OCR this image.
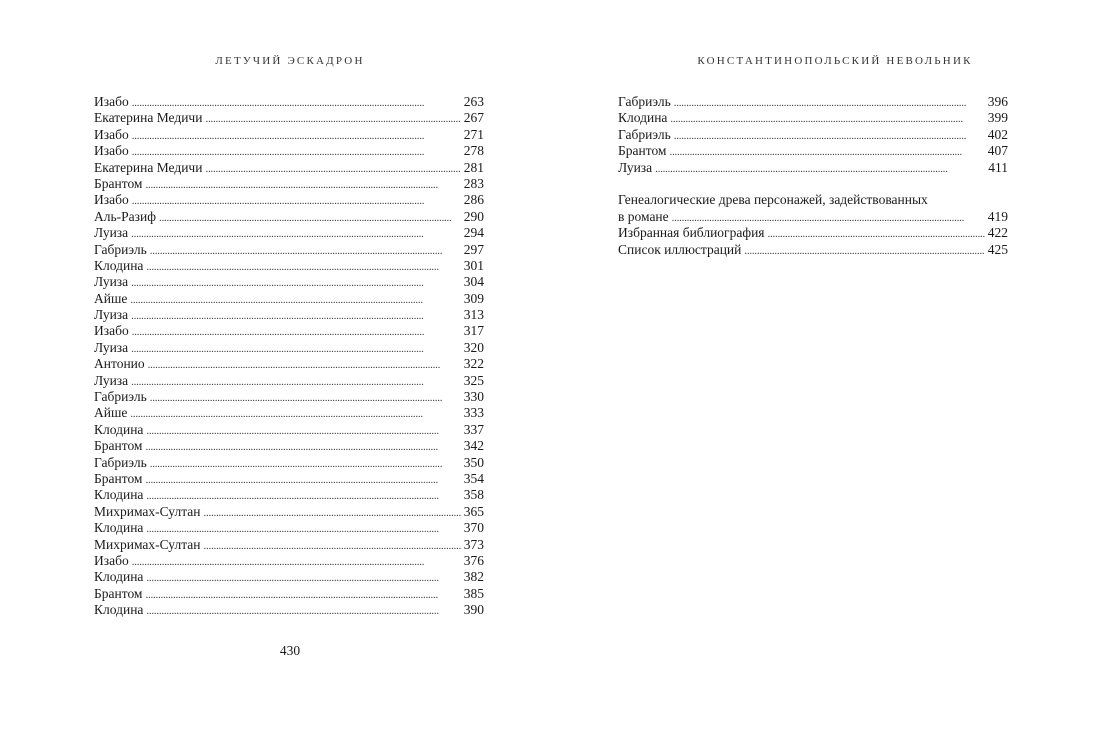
ЛЕТУЧИЙ ЭСКАДРОН
Изабо . . .	263
Екатерина Медичи . . .	267
Изабо . . .	271
Изабо . . .	278
Екатерина Медичи . . .	281
Брантом . . .	283
Изабо . . .	286
Аль-Разиф . . .	290
Луиза . . .	294
Габриэль . . .	297
Клодина . . .	301
Луиза . . .	304
Айше . . .	309
Луиза . . .	313
Изабо . . .	317
Луиза . . .	320
Антонио . . .	322
Луиза . . .	325
Габриэль . . .	330
Айше . . .	333
Клодина . . .	337
Брантом . . .	342
Габриэль . . .	350
Брантом . . .	354
Клодина . . .	358
Михримах-Султан . . .	365
Клодина . . .	370
Михримах-Султан . . .	373
Изабо . . .	376
Клодина . . .	382
Брантом . . .	385
Клодина . . .	390
430
КОНСТАНТИНОПОЛЬСКИЙ НЕВОЛЬНИК
Габриэль . . .	396
Клодина . . .	399
Габриэль . . .	402
Брантом . . .	407
Луиза . . .	411
Генеалогические древа персонажей, задействованных
в романе . . .	419
Избранная библиография . . .	422
Список иллюстраций . . .	425
